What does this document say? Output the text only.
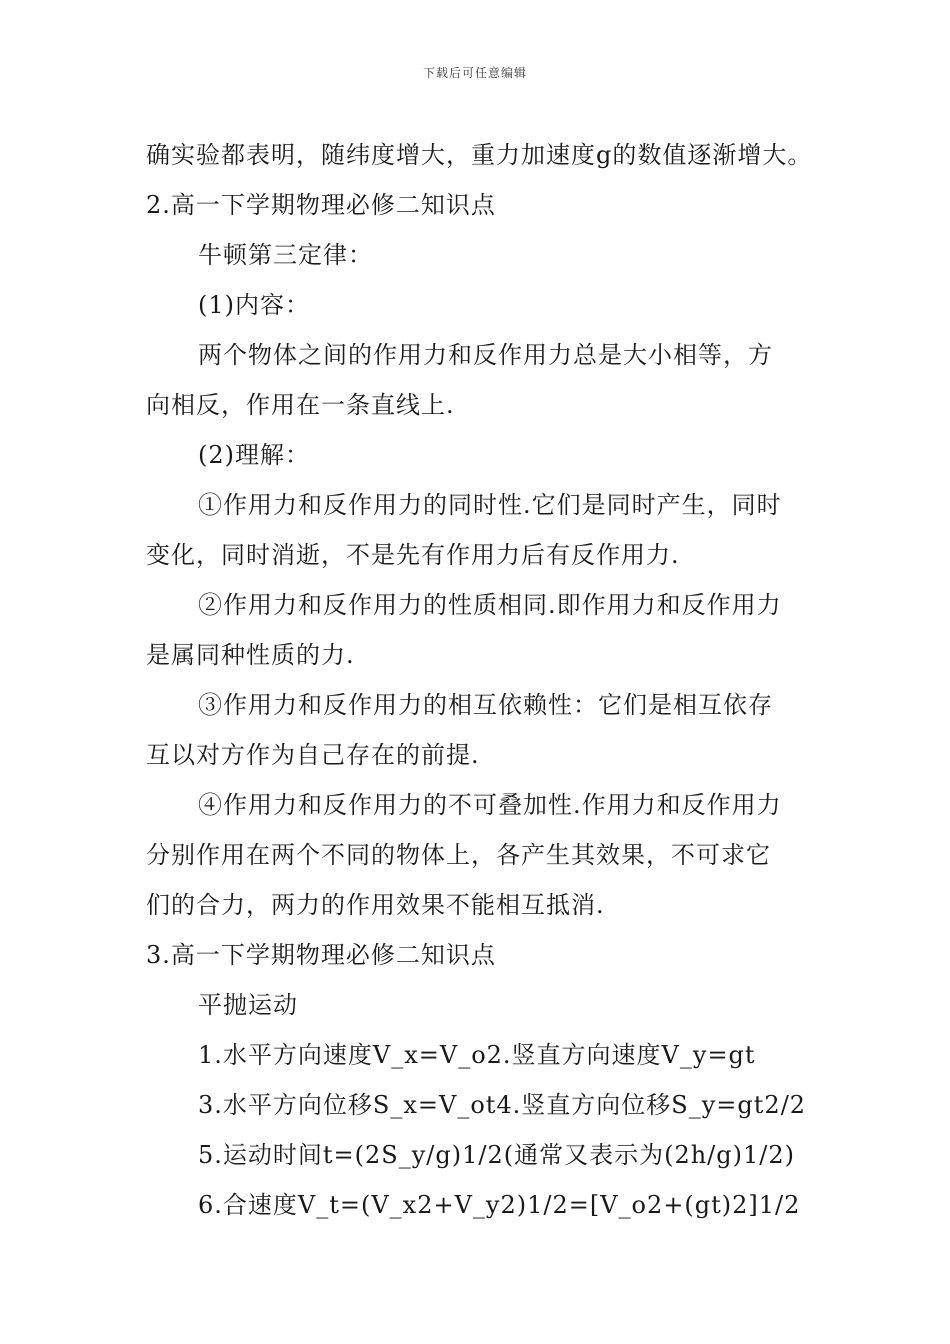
下载后可任意编辑
确实验都表明，随纬度增大，重力加速度g的数值逐渐增大。
2.高一下学期物理必修二知识点
牛顿第三定律：
(1)内容：
两个物体之间的作用力和反作用力总是大小相等，方
向相反，作用在一条直线上.
(2)理解：
①作用力和反作用力的同时性.它们是同时产生，同时
变化，同时消逝，不是先有作用力后有反作用力.
②作用力和反作用力的性质相同.即作用力和反作用力
是属同种性质的力.
③作用力和反作用力的相互依赖性：它们是相互依存
互以对方作为自己存在的前提.
④作用力和反作用力的不可叠加性.作用力和反作用力
分别作用在两个不同的物体上，各产生其效果，不可求它
们的合力，两力的作用效果不能相互抵消.
3.高一下学期物理必修二知识点
平抛运动
1.水平方向速度V_x=V_o2.竖直方向速度V_y=gt
3.水平方向位移S_x=V_ot4.竖直方向位移S_y=gt2/2
5.运动时间t=(2S_y/g)1/2(通常又表示为(2h/g)1/2)
6.合速度V_t=(V_x2+V_y2)1/2=[V_o2+(gt)2]1/2
